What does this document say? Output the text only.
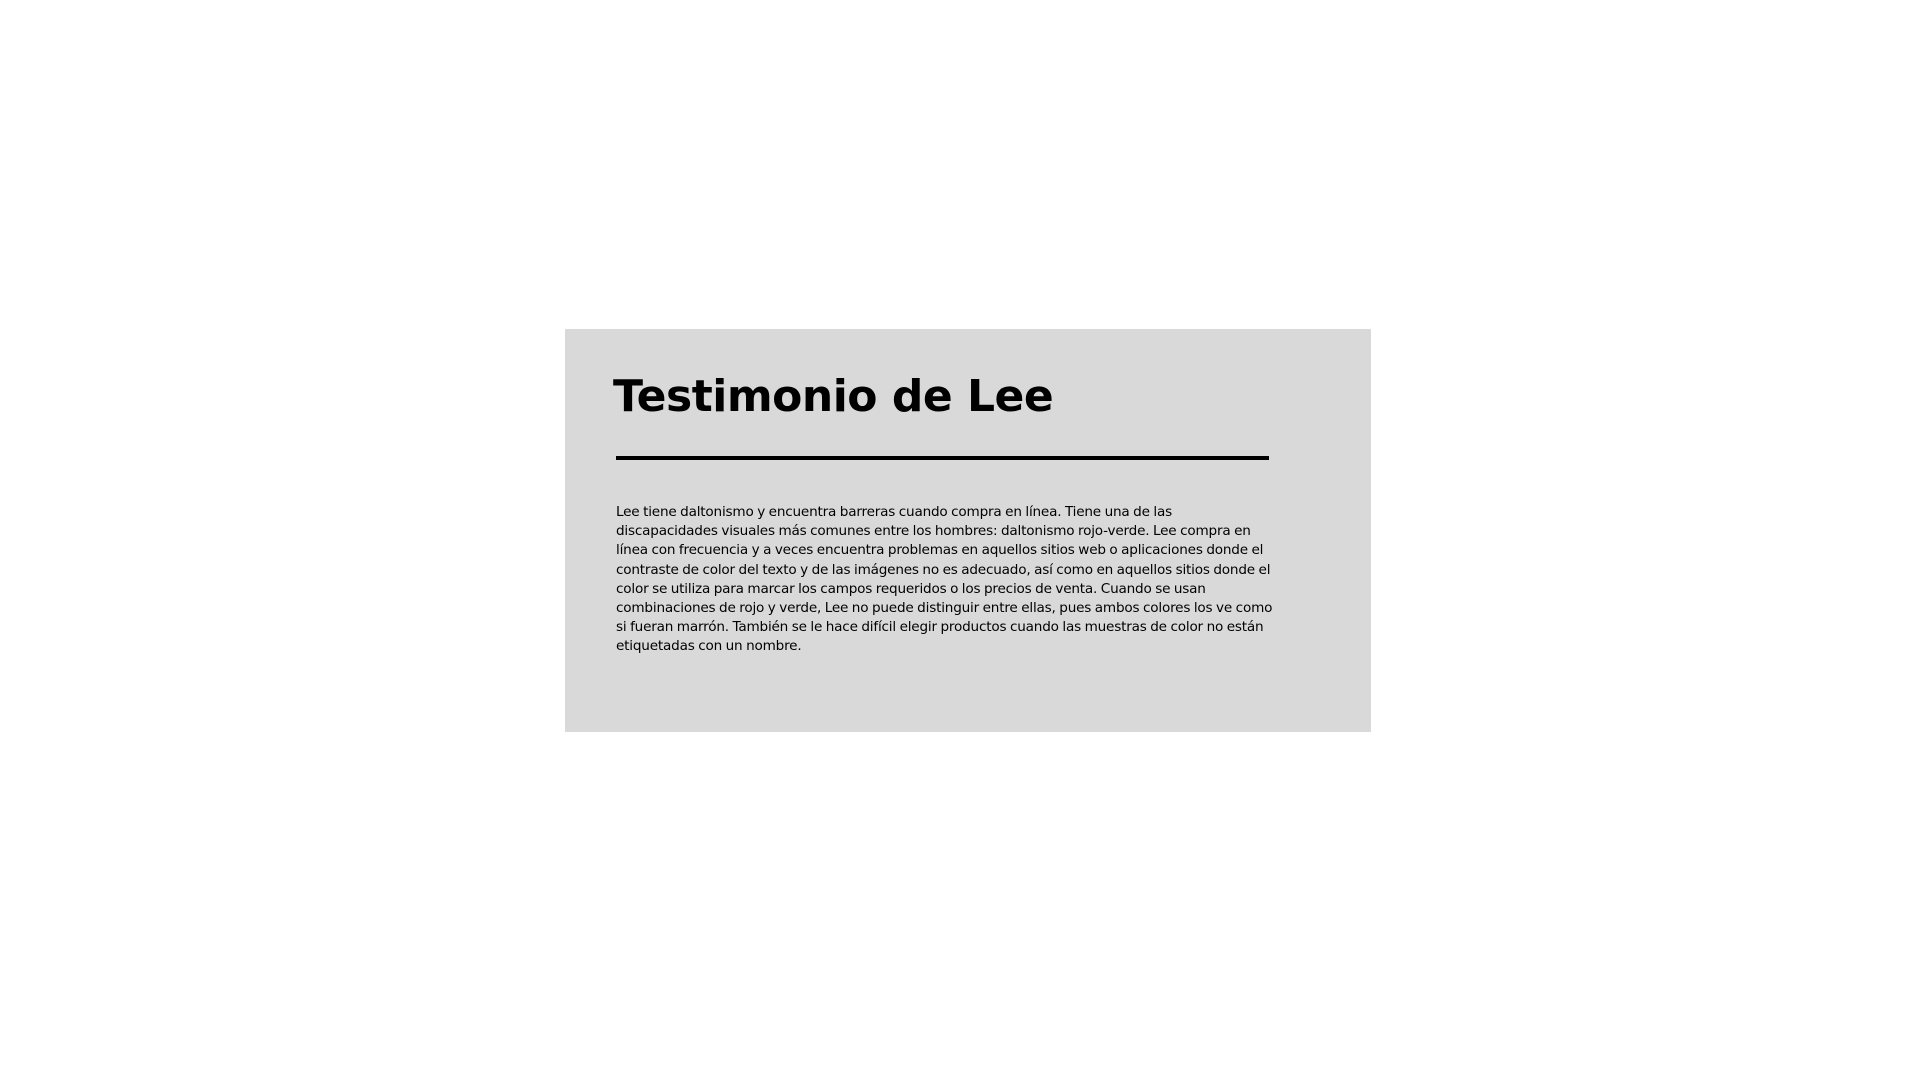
Testimonio de Lee

Lee tiene daltonismo y encuentra barreras cuando compra en línea. Tiene una de las discapacidades visuales más comunes entre los hombres: daltonismo rojo-verde. Lee compra en línea con frecuencia y a veces encuentra problemas en aquellos sitios web o aplicaciones donde el contraste de color del texto y de las imágenes no es adecuado, así como en aquellos sitios donde el color se utiliza para marcar los campos requeridos o los precios de venta. Cuando se usan combinaciones de rojo y verde, Lee no puede distinguir entre ellas, pues ambos colores los ve como si fueran marrón. También se le hace difícil elegir productos cuando las muestras de color no están etiquetadas con un nombre.
